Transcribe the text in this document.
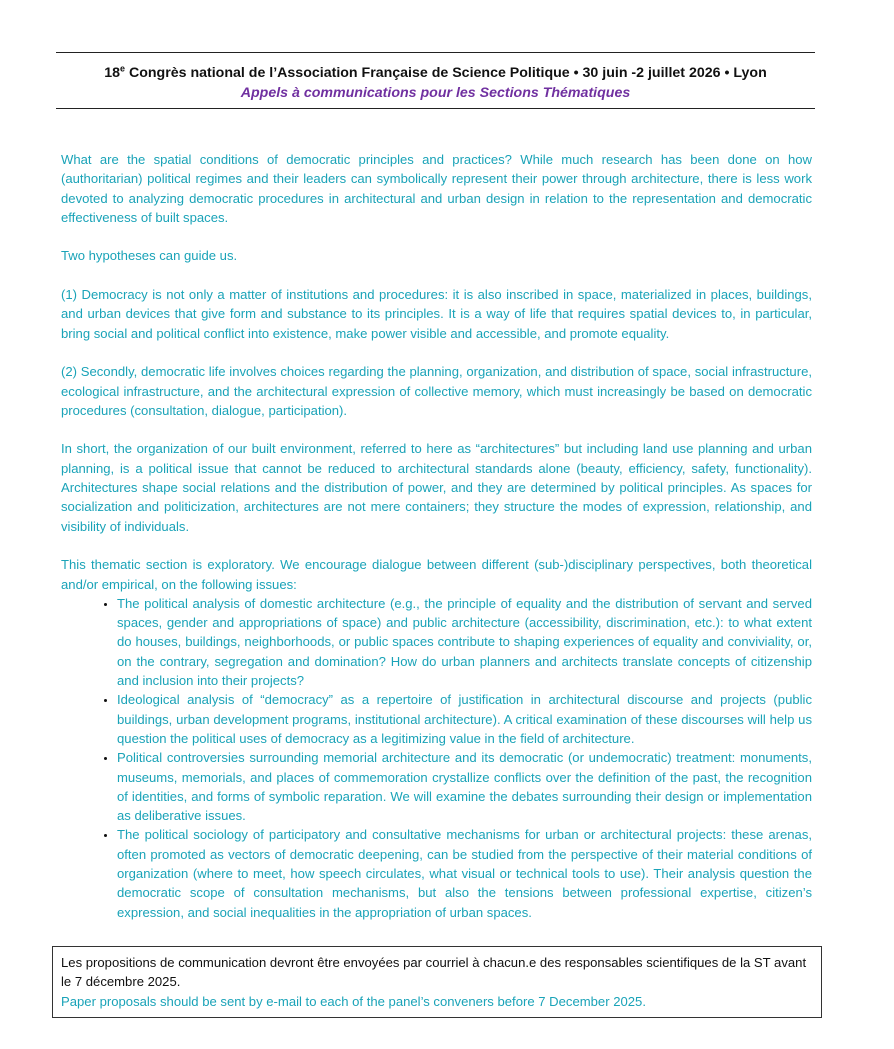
18e Congrès national de l’Association Française de Science Politique • 30 juin -2 juillet 2026 • Lyon
Appels à communications pour les Sections Thématiques

What are the spatial conditions of democratic principles and practices? While much research has been done on how (authoritarian) political regimes and their leaders can symbolically represent their power through architecture, there is less work devoted to analyzing democratic procedures in architectural and urban design in relation to the representation and democratic effectiveness of built spaces.

Two hypotheses can guide us.

(1) Democracy is not only a matter of institutions and procedures: it is also inscribed in space, materialized in places, buildings, and urban devices that give form and substance to its principles. It is a way of life that requires spatial devices to, in particular, bring social and political conflict into existence, make power visible and accessible, and promote equality.

(2) Secondly, democratic life involves choices regarding the planning, organization, and distribution of space, social infrastructure, ecological infrastructure, and the architectural expression of collective memory, which must increasingly be based on democratic procedures (consultation, dialogue, participation).

In short, the organization of our built environment, referred to here as “architectures” but including land use planning and urban planning, is a political issue that cannot be reduced to architectural standards alone (beauty, efficiency, safety, functionality). Architectures shape social relations and the distribution of power, and they are determined by political principles. As spaces for socialization and politicization, architectures are not mere containers; they structure the modes of expression, relationship, and visibility of individuals.

This thematic section is exploratory. We encourage dialogue between different (sub-)disciplinary perspectives, both theoretical and/or empirical, on the following issues:

• The political analysis of domestic architecture (e.g., the principle of equality and the distribution of servant and served spaces, gender and appropriations of space) and public architecture (accessibility, discrimination, etc.): to what extent do houses, buildings, neighborhoods, or public spaces contribute to shaping experiences of equality and conviviality, or, on the contrary, segregation and domination? How do urban planners and architects translate concepts of citizenship and inclusion into their projects?
• Ideological analysis of “democracy” as a repertoire of justification in architectural discourse and projects (public buildings, urban development programs, institutional architecture). A critical examination of these discourses will help us question the political uses of democracy as a legitimizing value in the field of architecture.
• Political controversies surrounding memorial architecture and its democratic (or undemocratic) treatment: monuments, museums, memorials, and places of commemoration crystallize conflicts over the definition of the past, the recognition of identities, and forms of symbolic reparation. We will examine the debates surrounding their design or implementation as deliberative issues.
• The political sociology of participatory and consultative mechanisms for urban or architectural projects: these arenas, often promoted as vectors of democratic deepening, can be studied from the perspective of their material conditions of organization (where to meet, how speech circulates, what visual or technical tools to use). Their analysis question the democratic scope of consultation mechanisms, but also the tensions between professional expertise, citizen’s expression, and social inequalities in the appropriation of urban spaces.
Les propositions de communication devront être envoyées par courriel à chacun.e des responsables scientifiques de la ST avant le 7 décembre 2025.
Paper proposals should be sent by e-mail to each of the panel’s conveners before 7 December 2025.
